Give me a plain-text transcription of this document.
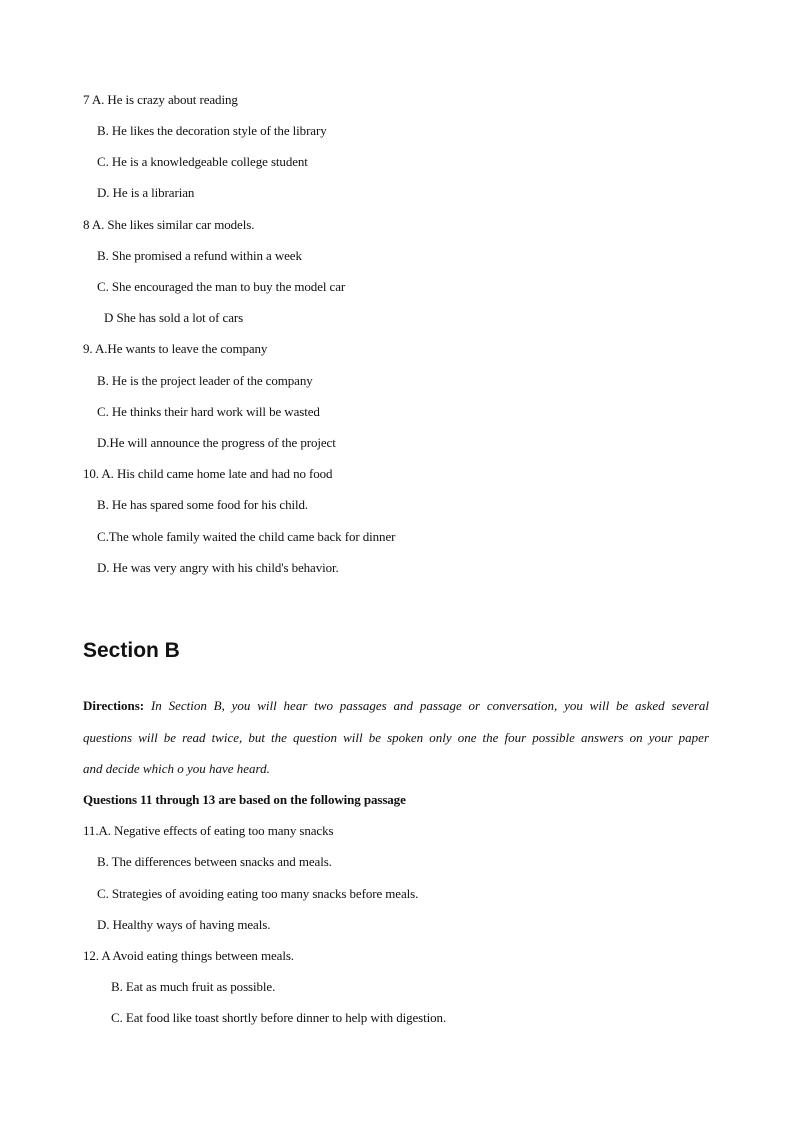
7 A. He is crazy about reading
B. He likes the decoration style of the library
C. He is a knowledgeable college student
D. He is a librarian
8 A. She likes similar car models.
B. She promised a refund within a week
C. She encouraged the man to buy the model car
D She has sold a lot of cars
9. A.He wants to leave the company
B. He is the project leader of the company
C. He thinks their hard work will be wasted
D.He will announce the progress of the project
10. A. His child came home late and had no food
B. He has spared some food for his child.
C.The whole family waited the child came back for dinner
D. He was very angry with his child's behavior.
Section B
Directions: In Section B, you will hear two passages and passage or conversation, you will be asked several
questions will be read twice, but the question will be spoken only one the four possible answers on your paper
and decide which o you have heard.
Questions 11 through 13 are based on the following passage
11.A. Negative effects of eating too many snacks
B. The differences between snacks and meals.
C. Strategies of avoiding eating too many snacks before meals.
D. Healthy ways of having meals.
12. A Avoid eating things between meals.
B. Eat as much fruit as possible.
C. Eat food like toast shortly before dinner to help with digestion.
